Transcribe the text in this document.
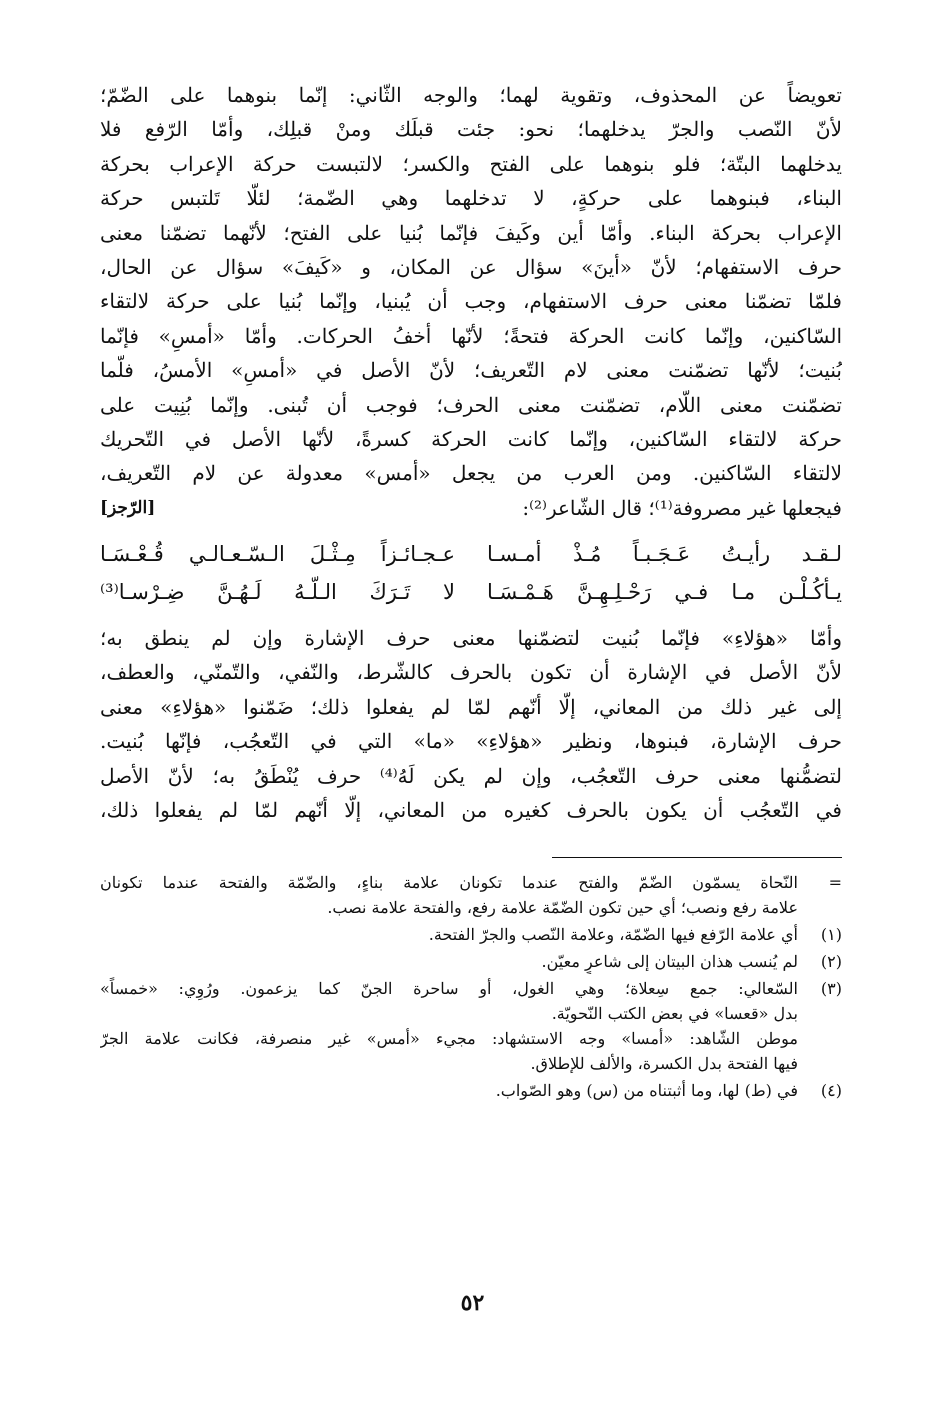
تعويضاً عن المحذوف، وتقوية لهما؛ والوجه الثّاني: إنّما بنوهما على الضّمّ؛
لأنّ النّصب والجرّ يدخلهما؛ نحو: جئت قبلَك ومنْ قبلِك، وأمّا الرّفع فلا
يدخلهما البتّة؛ فلو بنوهما على الفتح والكسر؛ لالتبست حركة الإعراب بحركة
البناء، فبنوهما على حركةٍ، لا تدخلهما وهي الضّمة؛ لئلّا تَلتبس حركة
الإعراب بحركة البناء. وأمّا أين وكَيفَ فإنّما بُنيا على الفتح؛ لأنّهما تضمّنا معنى
حرف الاستفهام؛ لأنّ «أينَ» سؤال عن المكان، و «كَيفَ» سؤال عن الحال،
فلمّا تضمّنا معنى حرف الاستفهام، وجب أن يُبنيا، وإنّما بُنيا على حركة لالتقاء
السّاكنين، وإنّما كانت الحركة فتحةً؛ لأنّها أخفُ الحركات. وأمّا «أمسِ» فإنّما
بُنيت؛ لأنّها تضمّنت معنى لام التّعريف؛ لأنّ الأصل في «أمسِ» الأمسُ، فلّما
تضمّنت معنى اللّام، تضمّنت معنى الحرف؛ فوجب أن تُبنى. وإنّما بُنِيت على
حركة لالتقاء السّاكنين، وإنّما كانت الحركة كسرةً، لأنّها الأصل في التّحريك
لالتقاء السّاكنين. ومن العرب من يجعل «أمس» معدولة عن لام التّعريف،
فيجعلها غير مصروفة⁽¹⁾؛ قال الشّاعر⁽²⁾:
[الرّجز]
لـقـد رأيـتُ عَـجَـبـاً مُـذْ أمـسـا
عـجـائـزاً مِـثْـلَ الـسّـعـالـي قُـعْـسَـا
يـأكُـلْـن مـا فـي رَحْـلِـهِـنَّ هَـمْـسَـا
لا تَـرَكَ الـلّـهُ لَـهُـنَّ ضِـرْسـا⁽³⁾
وأمّا «هؤلاءِ» فإنّما بُنيت لتضمّنها معنى حرف الإشارة وإن لم ينطق به؛
لأنّ الأصل في الإشارة أن تكون بالحرف كالشّرط، والنّفي، والتّمنّي، والعطف،
إلى غير ذلك من المعاني، إلّا أنّهم لمّا لم يفعلوا ذلك؛ ضَمّنوا «هؤلاءِ» معنى
حرف الإشارة، فبنوها، ونظير «هؤلاءِ» «ما» التي في التّعجُب، فإنّها بُنيت.
لتضمُّنها معنى حرف التّعجُب، وإن لم يكن لَهُ⁽⁴⁾ حرف يُنْطَقُ به؛ لأنّ الأصل
في التّعجُب أن يكون بالحرف كغيره من المعاني، إلّا أنّهم لمّا لم يفعلوا ذلك،
=
النّحاة يسمّون الضّمّ والفتح عندما تكونان علامة بناءٍ، والضّمّة والفتحة عندما تكونان
علامة رفع ونصب؛ أي حين تكون الضّمّة علامة رفع، والفتحة علامة نصب.
(١)
أي علامة الرّفع فيها الضّمّة، وعلامة النّصب والجرّ الفتحة.
(٢)
لم يُنسب هذان البيتان إلى شاعرٍ معيّن.
(٣)
السّعالي: جمع سِعلاة؛ وهي الغول، أو ساحرة الجنّ كما يزعمون. ورُوِي: «خمساً»
بدل «قعسا» في بعض الكتب النّحويّة.
موطن الشّاهد: «أمسا» وجه الاستشهاد: مجيء «أمس» غير منصرفة، فكانت علامة الجرّ
فيها الفتحة بدل الكسرة، والألف للإطلاق.
(٤)
في (ط) لها، وما أثبتناه من (س) وهو الصّواب.
٥٢
